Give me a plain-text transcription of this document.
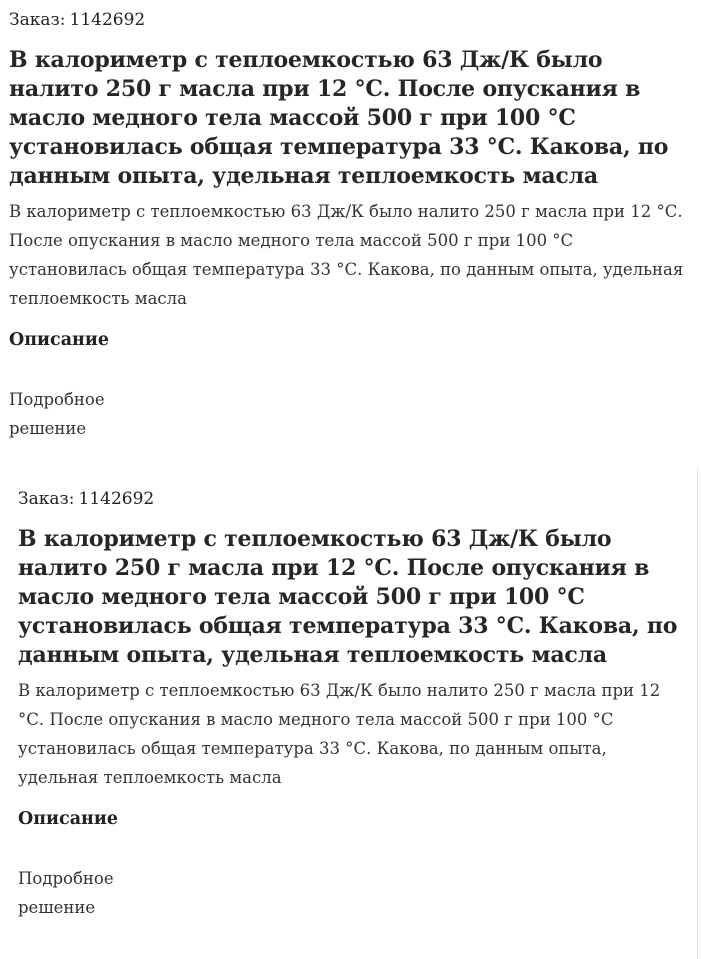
Заказ: 1142692
В калориметр с теплоемкостью 63 Дж/К было налито 250 г масла при 12 °С. После опускания в масло медного тела массой 500 г при 100 °С установилась общая температура 33 °С. Какова, по данным опыта, удельная теплоемкость масла
В калориметр с теплоемкостью 63 Дж/К было налито 250 г масла при 12 °С. После опускания в масло медного тела массой 500 г при 100 °С установилась общая температура 33 °С. Какова, по данным опыта, удельная теплоемкость масла
Описание
Подробное решение
Заказ: 1142692
В калориметр с теплоемкостью 63 Дж/К было налито 250 г масла при 12 °С. После опускания в масло медного тела массой 500 г при 100 °С установилась общая температура 33 °С. Какова, по данным опыта, удельная теплоемкость масла
В калориметр с теплоемкостью 63 Дж/К было налито 250 г масла при 12 °С. После опускания в масло медного тела массой 500 г при 100 °С установилась общая температура 33 °С. Какова, по данным опыта, удельная теплоемкость масла
Описание
Подробное решение
